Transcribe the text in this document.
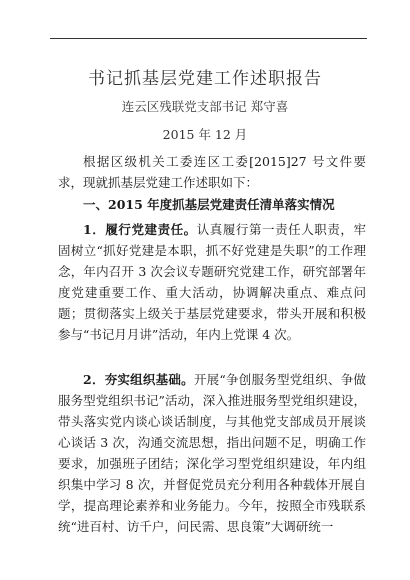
书记抓基层党建工作述职报告
连云区残联党支部书记 郑守喜
2015 年 12 月

根据区级机关工委连区工委[2015]27 号文件要求，现就抓基层党建工作述职如下：

一、2015 年度抓基层党建责任清单落实情况

1．履行党建责任。认真履行第一责任人职责，牢固树立“抓好党建是本职，抓不好党建是失职”的工作理念，年内召开 3 次会议专题研究党建工作，研究部署年度党建重要工作、重大活动，协调解决重点、难点问题；贯彻落实上级关于基层党建要求，带头开展和积极参与“书记月月讲”活动，年内上党课 4 次。

2．夯实组织基础。开展“争创服务型党组织、争做服务型党组织书记”活动，深入推进服务型党组织建设，带头落实党内谈心谈话制度，与其他党支部成员开展谈心谈话 3 次，沟通交流思想，指出问题不足，明确工作要求，加强班子团结；深化学习型党组织建设，年内组织集中学习 8 次，并督促党员充分利用各种载体开展自学，提高理论素养和业务能力。今年，按照全市残联系统“进百村、访千户，问民需、思良策”大调研统一
